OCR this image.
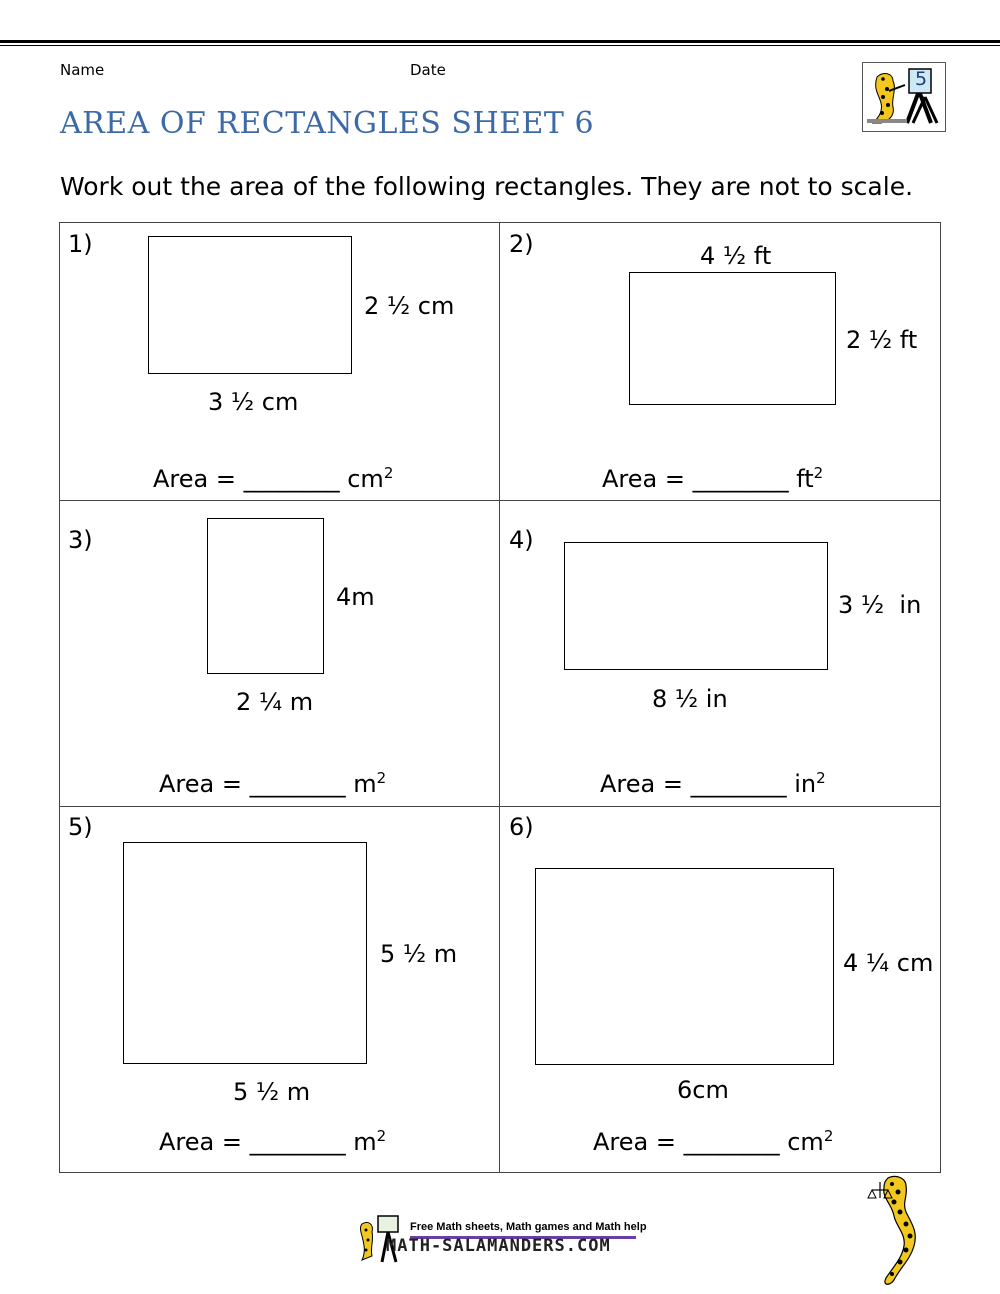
Name	Date	5
AREA OF RECTANGLES SHEET 6
Work out the area of the following rectangles. They are not to scale.
1)
2 ½ cm
3 ½ cm
Area = ________ $cm^2$
2)	4 ½ ft
2 ½ ft
Area = ________ $ft^2$
3)
4m
2 ¼ m
Area = ________ $m^2$
4)
3 ½  in
8 ½ in
Area = ________ $in^2$
5)
5 ½ m
5 ½ m
Area = ________ $m^2$
6)
4 ¼ cm
6cm
Area = ________ $cm^2$
Free Math sheets, Math games and Math help
MATH-SALAMANDERS.COM
